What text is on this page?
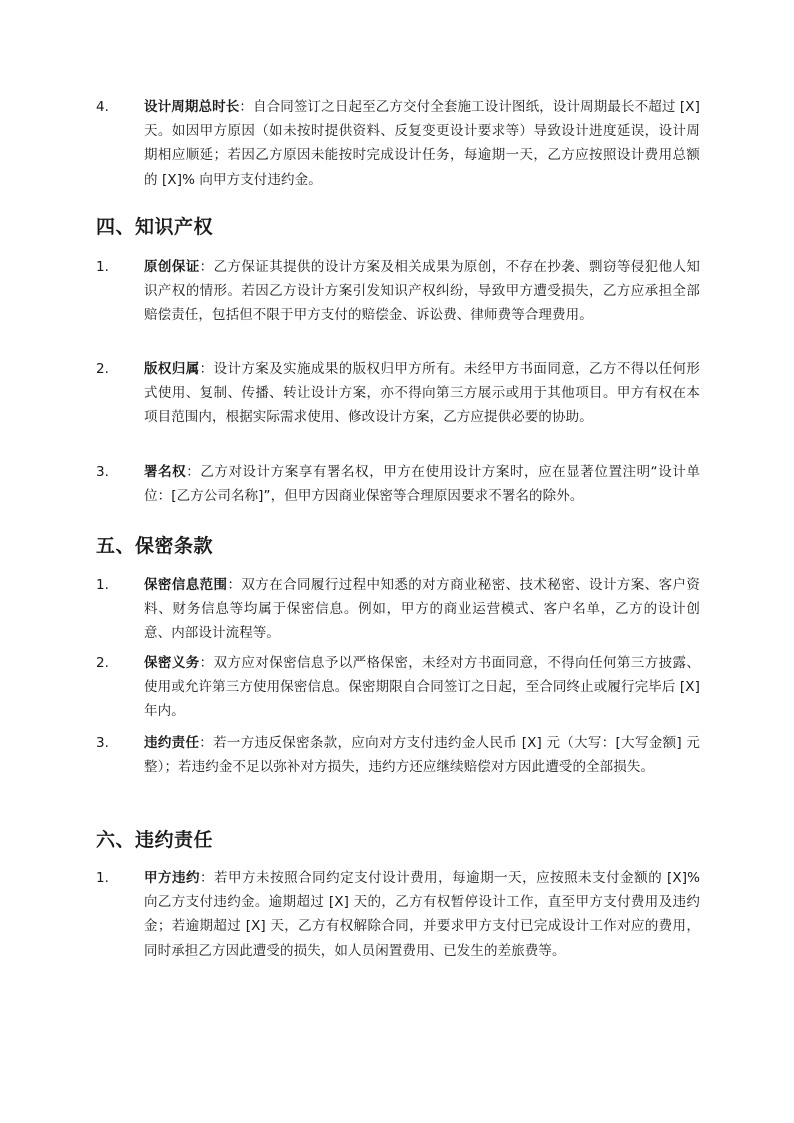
4.	设计周期总时长：自合同签订之日起至乙方交付全套施工设计图纸，设计周期最长不超过 [X] 天。如因甲方原因（如未按时提供资料、反复变更设计要求等）导致设计进度延误，设计周期相应顺延；若因乙方原因未能按时完成设计任务，每逾期一天，乙方应按照设计费用总额的 [X]% 向甲方支付违约金。
四、知识产权
1.	原创保证：乙方保证其提供的设计方案及相关成果为原创，不存在抄袭、剽窃等侵犯他人知识产权的情形。若因乙方设计方案引发知识产权纠纷，导致甲方遭受损失，乙方应承担全部赔偿责任，包括但不限于甲方支付的赔偿金、诉讼费、律师费等合理费用。
2.	版权归属：设计方案及实施成果的版权归甲方所有。未经甲方书面同意，乙方不得以任何形式使用、复制、传播、转让设计方案，亦不得向第三方展示或用于其他项目。甲方有权在本项目范围内，根据实际需求使用、修改设计方案，乙方应提供必要的协助。
3.	署名权：乙方对设计方案享有署名权，甲方在使用设计方案时，应在显著位置注明“设计单位：[乙方公司名称]”，但甲方因商业保密等合理原因要求不署名的除外。
五、保密条款
1.	保密信息范围：双方在合同履行过程中知悉的对方商业秘密、技术秘密、设计方案、客户资料、财务信息等均属于保密信息。例如，甲方的商业运营模式、客户名单，乙方的设计创意、内部设计流程等。
2.	保密义务：双方应对保密信息予以严格保密，未经对方书面同意，不得向任何第三方披露、使用或允许第三方使用保密信息。保密期限自合同签订之日起，至合同终止或履行完毕后 [X] 年内。
3.	违约责任：若一方违反保密条款，应向对方支付违约金人民币 [X] 元（大写：[大写金额] 元整）；若违约金不足以弥补对方损失，违约方还应继续赔偿对方因此遭受的全部损失。
六、违约责任
1.	甲方违约：若甲方未按照合同约定支付设计费用，每逾期一天，应按照未支付金额的 [X]% 向乙方支付违约金。逾期超过 [X] 天的，乙方有权暂停设计工作，直至甲方支付费用及违约金；若逾期超过 [X] 天，乙方有权解除合同，并要求甲方支付已完成设计工作对应的费用，同时承担乙方因此遭受的损失，如人员闲置费用、已发生的差旅费等。
